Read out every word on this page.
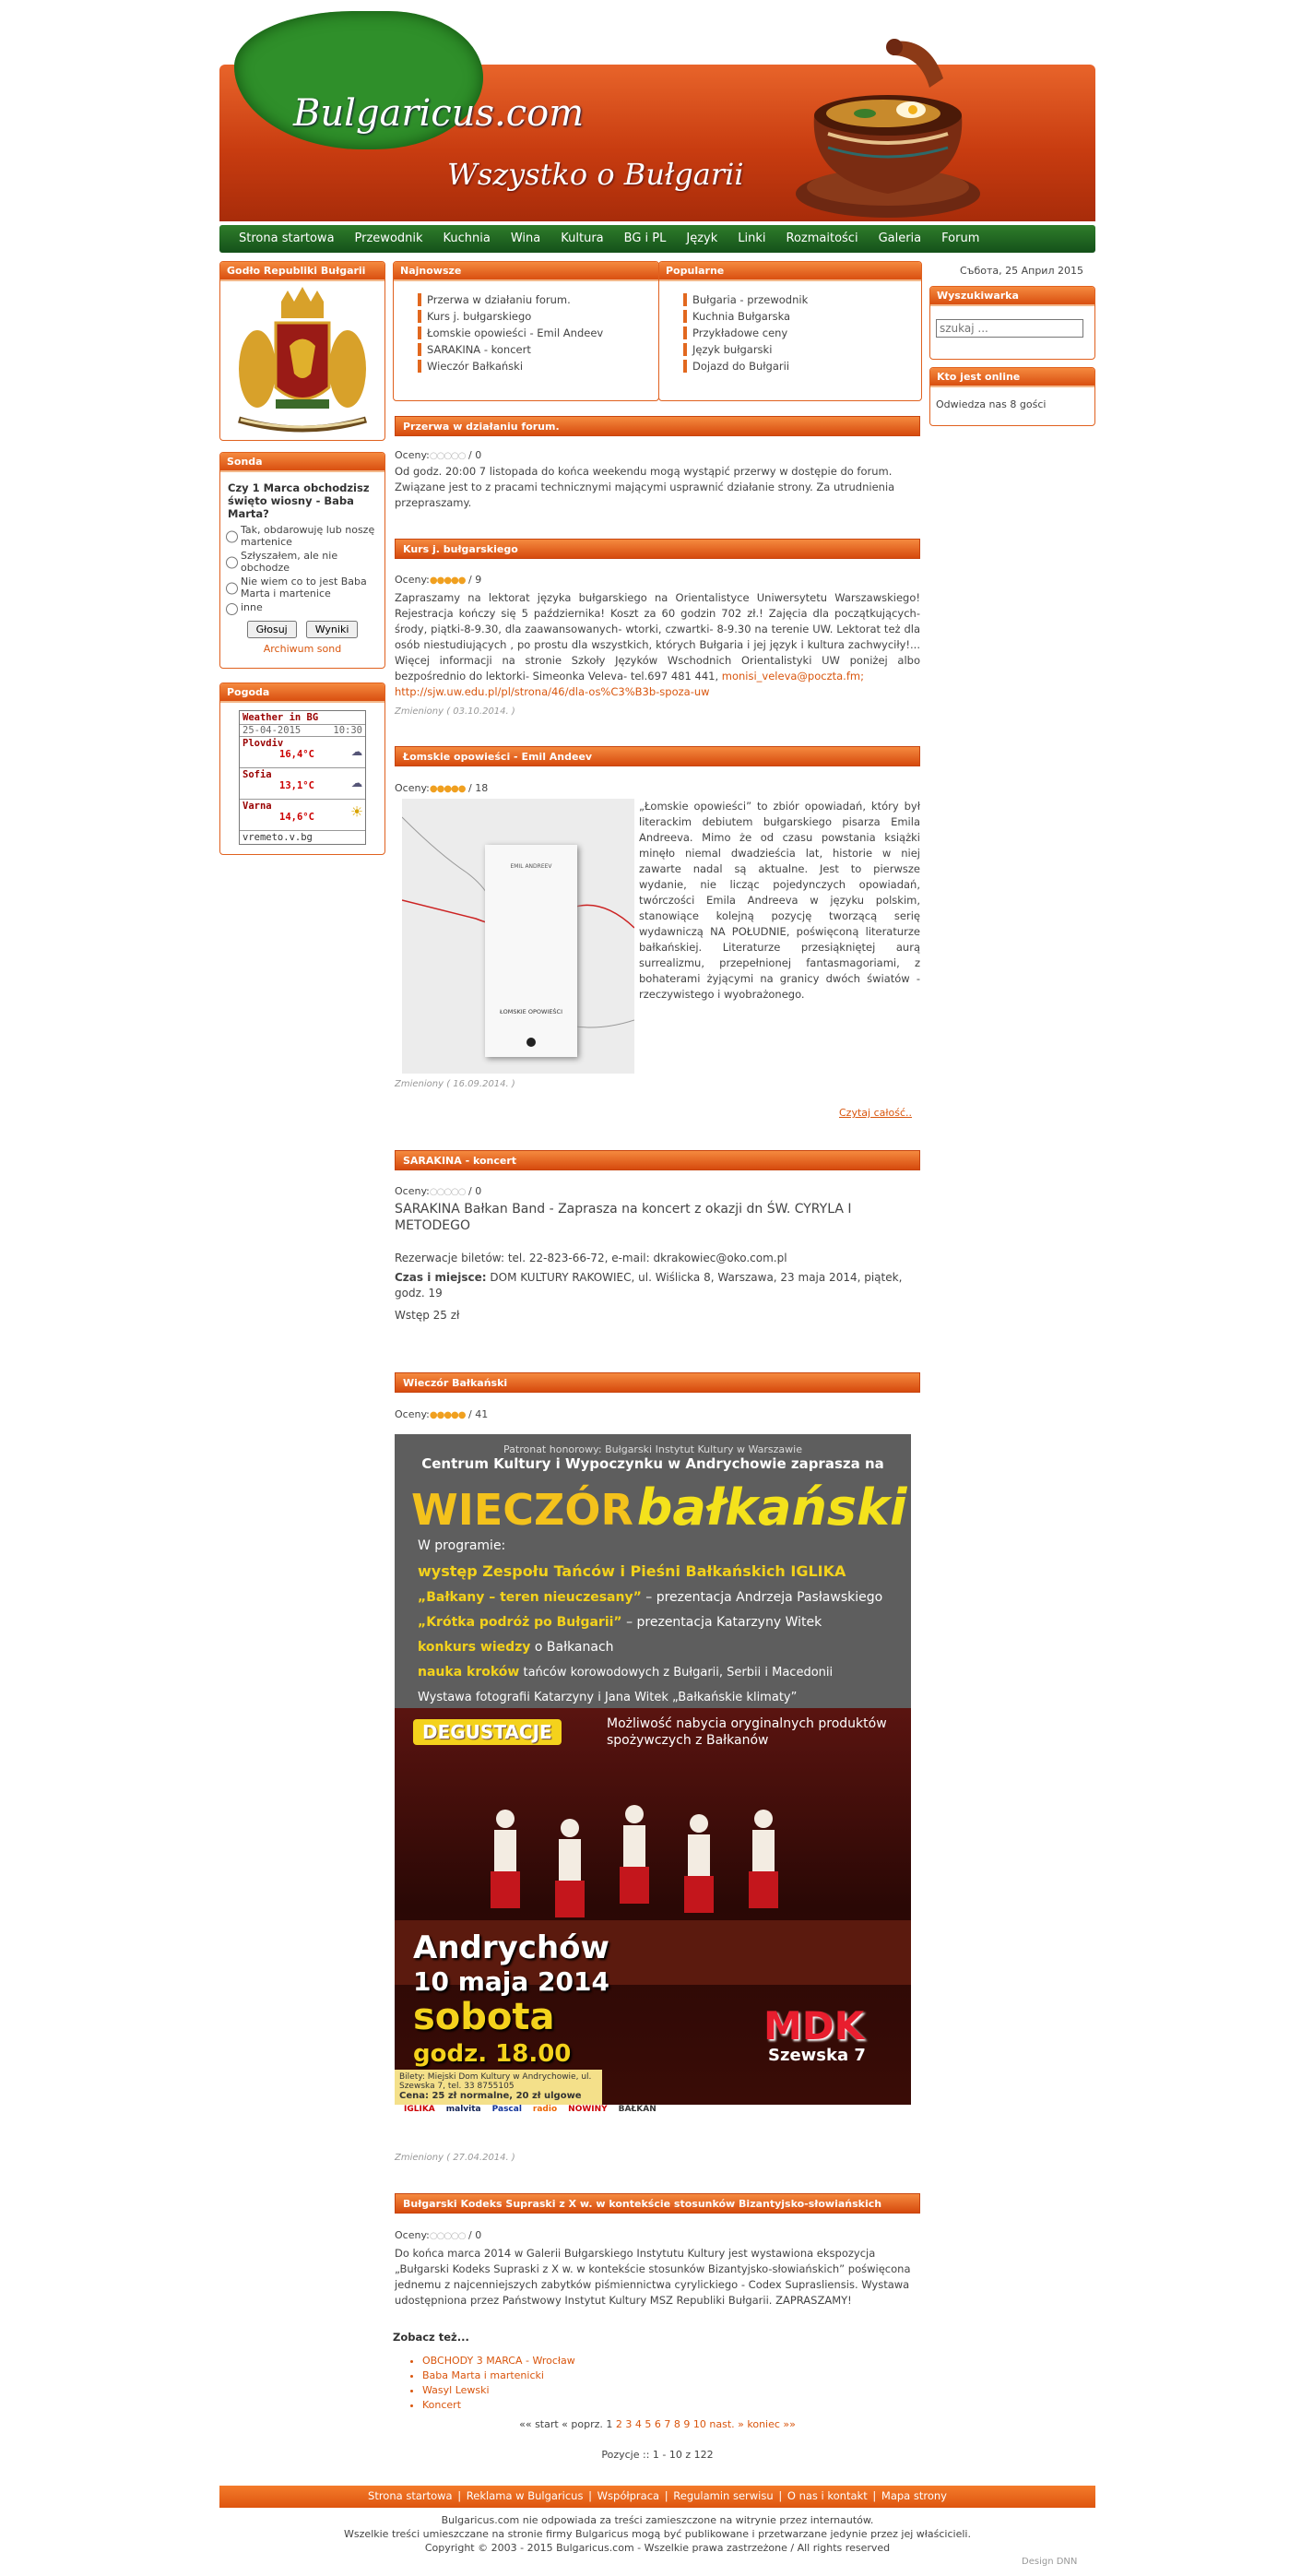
Bulgaricus.com
Wszystko o Bułgarii
Strona startowa	Przewodnik	Kuchnia	Wina	Kultura	BG i PL	Język	Linki	Rozmaitości	Galeria	Forum
Godło Republiki Bułgarii
Sonda
Czy 1 Marca obchodzisz święto wiosny - Baba Marta?
Tak, obdarowuję lub noszę martenice
Szłyszałem, ale nie obchodze
Nie wiem co to jest Baba Marta i martenice
inne
Głosuj	Wyniki
Archiwum sond
Pogoda
Weather in BG
25-04-2015	10:30
Plovdiv
16,4°C ☁
Sofia
13,1°C ☁
Varna
14,6°C ☀
vremeto.v.bg
Najnowsze
Przerwa w działaniu forum.
Kurs j. bułgarskiego
Łomskie opowieści - Emil Andeev
SARAKINA - koncert
Wieczór Bałkański
Popularne
Bułgaria - przewodnik
Kuchnia Bułgarska
Przykładowe ceny
Język bułgarski
Dojazd do Bułgarii
Събота, 25 Април 2015
Wyszukiwarka
szukaj ...
Kto jest online
Odwiedza nas 8 gości
Przerwa w działaniu forum.
Oceny:○○○○○ / 0
Od godz. 20:00 7 listopada do końca weekendu mogą wystąpić przerwy w dostępie do forum. Związane jest to z pracami technicznymi mającymi usprawnić działanie strony. Za utrudnienia przepraszamy.
Kurs j. bułgarskiego
Oceny:●●●●● / 9
Zapraszamy na lektorat języka bułgarskiego na Orientalistyce Uniwersytetu Warszawskiego! Rejestracja kończy się 5 października! Koszt za 60 godzin 702 zł.! Zajęcia dla początkujących- środy, piątki-8-9.30, dla zaawansowanych- wtorki, czwartki- 8-9.30 na terenie UW. Lektorat też dla osób niestudiujących , po prostu dla wszystkich, których Bułgaria i jej język i kultura zachwyciły!... Więcej informacji na stronie Szkoły Języków Wschodnich Orientalistyki UW poniżej albo bezpośrednio do lektorki- Simeonka Veleva- tel.697 481 441, monisi_veleva@poczta.fm;
http://sjw.uw.edu.pl/pl/strona/46/dla-os%C3%B3b-spoza-uw
Zmieniony ( 03.10.2014. )
Łomskie opowieści - Emil Andeev
Oceny:●●●●● / 18
EMIL ANDREEV
ŁOMSKIE OPOWIEŚCI
„Łomskie opowieści” to zbiór opowiadań, który był literackim debiutem bułgarskiego pisarza Emila Andreeva. Mimo że od czasu powstania książki minęło niemal dwadzieścia lat, historie w niej zawarte nadal są aktualne. Jest to pierwsze wydanie, nie licząc pojedynczych opowiadań, twórczości Emila Andreeva w języku polskim, stanowiące kolejną pozycję tworzącą serię wydawniczą NA POŁUDNIE, poświęconą literaturze bałkańskiej. Literaturze przesiąkniętej aurą surrealizmu, przepełnionej fantasmagoriami, z bohaterami żyjącymi na granicy dwóch światów - rzeczywistego i wyobrażonego.
Zmieniony ( 16.09.2014. )
Czytaj całość..
SARAKINA - koncert
Oceny:○○○○○ / 0
SARAKINA Bałkan Band - Zaprasza na koncert z okazji dn ŚW. CYRYLA I METODEGO
Rezerwacje biletów: tel. 22-823-66-72, e-mail: dkrakowiec@oko.com.pl
Czas i miejsce: DOM KULTURY RAKOWIEC, ul. Wiślicka 8, Warszawa, 23 maja 2014, piątek, godz. 19
Wstęp 25 zł
Wieczór Bałkański
Oceny:●●●●● / 41
Patronat honorowy: Bułgarski Instytut Kultury w Warszawie
Centrum Kultury i Wypoczynku w Andrychowie zaprasza na
WIECZÓR bałkański
W programie:
występ Zespołu Tańców i Pieśni Bałkańskich IGLIKA
„Bałkany – teren nieuczesany” – prezentacja Andrzeja Pasławskiego
„Krótka podróż po Bułgarii” – prezentacja Katarzyny Witek
konkurs wiedzy o Bałkanach
nauka kroków tańców korowodowych z Bułgarii, Serbii i Macedonii
Wystawa fotografii Katarzyny i Jana Witek „Bałkańskie klimaty”
DEGUSTACJE	Możliwość nabycia oryginalnych produktów spożywczych z Bałkanów
Andrychów
10 maja 2014
sobota
godz. 18.00
Bilety: Miejski Dom Kultury w Andrychowie, ul. Szewska 7, tel. 33 8755105
Cena: 25 zł normalne, 20 zł ulgowe
MDK
Szewska 7
IGLIKA malvita Pascal radio NOWINY BAŁKAN
Zmieniony ( 27.04.2014. )
Bułgarski Kodeks Supraski z X w. w kontekście stosunków Bizantyjsko-słowiańskich
Oceny:○○○○○ / 0
Do końca marca 2014 w Galerii Bułgarskiego Instytutu Kultury jest wystawiona ekspozycja „Bułgarski Kodeks Supraski z X w. w kontekście stosunków Bizantyjsko-słowiańskich” poświęcona jednemu z najcenniejszych zabytków piśmiennictwa cyrylickiego - Codex Suprasliensis. Wystawa udostępniona przez Państwowy Instytut Kultury MSZ Republiki Bułgarii. ZAPRASZAMY!
Zobacz też...
• OBCHODY 3 MARCA - Wrocław
• Baba Marta i martenicki
• Wasyl Lewski
• Koncert
«« start « poprz. 1 2 3 4 5 6 7 8 9 10 nast. » koniec »»
Pozycje :: 1 - 10 z 122
Strona startowa | Reklama w Bulgaricus | Współpraca | Regulamin serwisu | O nas i kontakt | Mapa strony
Bulgaricus.com nie odpowiada za treści zamieszczone na witrynie przez internautów.
Wszelkie treści umieszczane na stronie firmy Bulgaricus mogą być publikowane i przetwarzane jedynie przez jej właścicieli.
Copyright © 2003 - 2015 Bulgaricus.com - Wszelkie prawa zastrzeżone / All rights reserved
Design DNN
